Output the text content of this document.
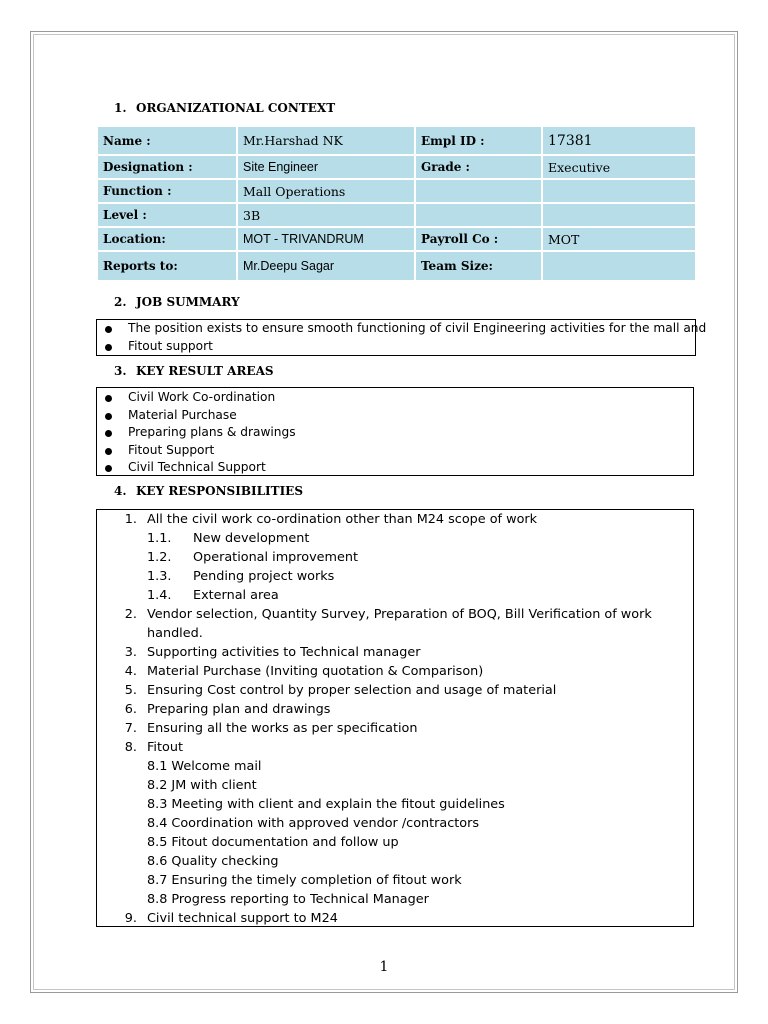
1. ORGANIZATIONAL CONTEXT
Name :	Mr.Harshad NK	Empl ID :	17381
Designation :	Site Engineer	Grade :	Executive
Function :	Mall Operations		
Level :	3B		
Location:	MOT - TRIVANDRUM	Payroll Co :	MOT
Reports to:	Mr.Deepu Sagar	Team Size:	
2. JOB SUMMARY
The position exists to ensure smooth functioning of civil Engineering activities for the mall and
Fitout support
3. KEY RESULT AREAS
Civil Work Co-ordination
Material Purchase
Preparing plans & drawings
Fitout Support
Civil Technical Support
4. KEY RESPONSIBILITIES
1. All the civil work co-ordination other than M24 scope of work
1.1. New development
1.2. Operational improvement
1.3. Pending project works
1.4. External area
2. Vendor selection, Quantity Survey, Preparation of BOQ, Bill Verification of work
handled.
3. Supporting activities to Technical manager
4. Material Purchase (Inviting quotation & Comparison)
5. Ensuring Cost control by proper selection and usage of material
6. Preparing plan and drawings
7. Ensuring all the works as per specification
8. Fitout
8.1 Welcome mail
8.2 JM with client
8.3 Meeting with client and explain the fitout guidelines
8.4 Coordination with approved vendor /contractors
8.5 Fitout documentation and follow up
8.6 Quality checking
8.7 Ensuring the timely completion of fitout work
8.8 Progress reporting to Technical Manager
9. Civil technical support to M24
1
